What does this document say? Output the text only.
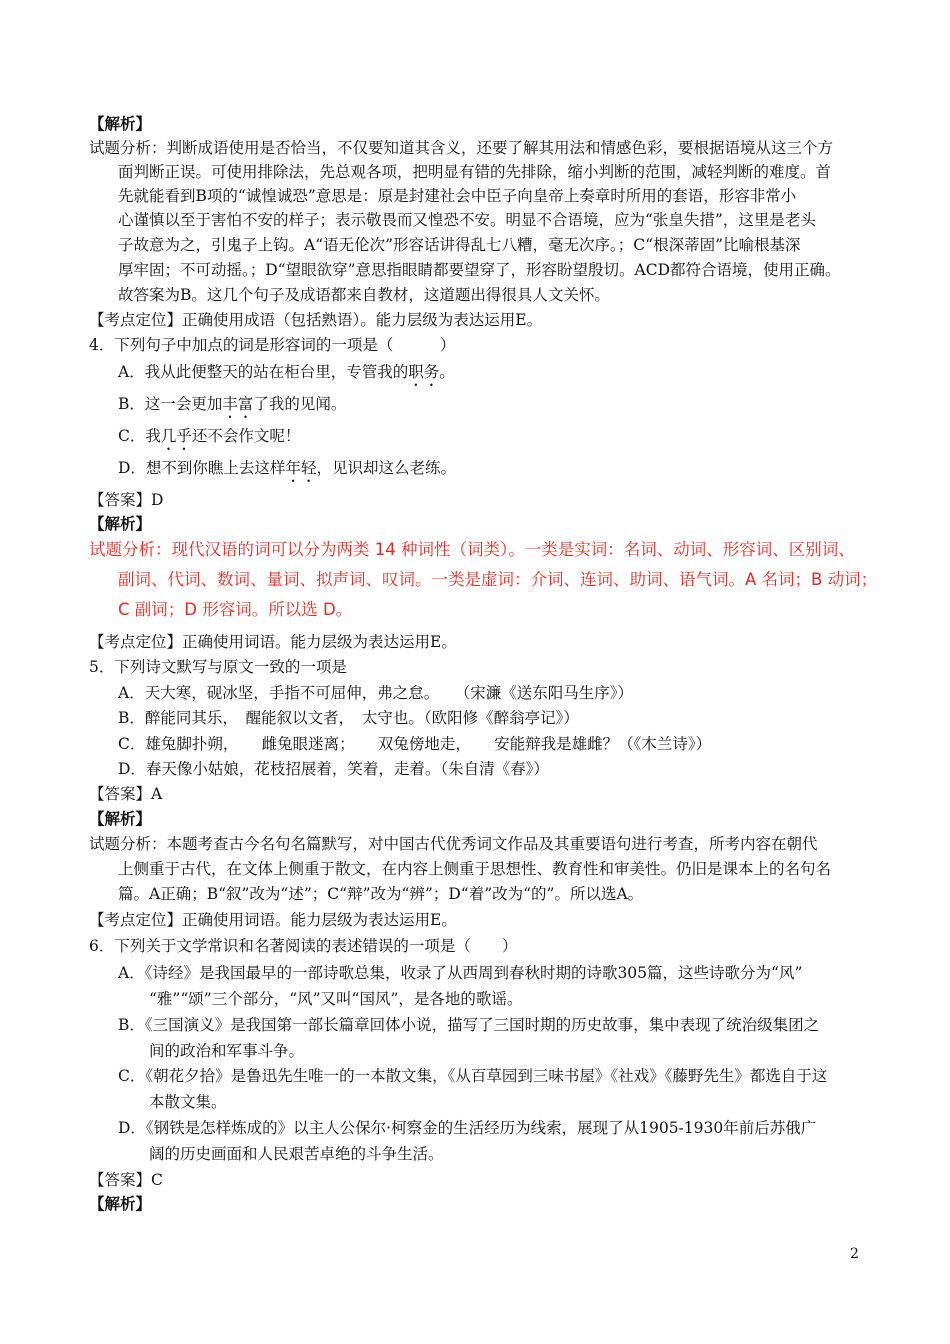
【解析】
试题分析：判断成语使用是否恰当，不仅要知道其含义，还要了解其用法和情感色彩，要根据语境从这三个方
面判断正误。可使用排除法，先总观各项，把明显有错的先排除，缩小判断的范围，减轻判断的难度。首
先就能看到B项的“诚惶诚恐”意思是：原是封建社会中臣子向皇帝上奏章时所用的套语，形容非常小
心谨慎以至于害怕不安的样子；表示敬畏而又惶恐不安。明显不合语境，应为“张皇失措”，这里是老头
子故意为之，引鬼子上钩。A“语无伦次”形容话讲得乱七八糟，毫无次序。；C“根深蒂固”比喻根基深
厚牢固；不可动摇。；D“望眼欲穿”意思指眼睛都要望穿了，形容盼望殷切。ACD都符合语境，使用正确。
故答案为B。这几个句子及成语都来自教材，这道题出得很具人文关怀。
【考点定位】正确使用成语（包括熟语）。能力层级为表达运用E。
4．下列句子中加点的词是形容词的一项是（　　　）
A．我从此便整天的站在柜台里，专管我的职务。
B．这一会更加丰富了我的见闻。
C．我几乎还不会作文呢！
D．想不到你瞧上去这样年轻，见识却这么老练。
【答案】D
【解析】
试题分析：现代汉语的词可以分为两类 14 种词性（词类）。一类是实词：名词、动词、形容词、区别词、
副词、代词、数词、量词、拟声词、叹词。一类是虚词：介词、连词、助词、语气词。A 名词；B 动词；
C 副词；D 形容词。所以选 D。
【考点定位】正确使用词语。能力层级为表达运用E。
5．下列诗文默写与原文一致的一项是
A．天大寒，砚冰坚，手指不可屈伸，弗之怠。　　（宋濂《送东阳马生序》）
B．醉能同其乐，　醒能叙以文者，　太守也。（欧阳修《醉翁亭记》）
C．雄兔脚扑朔，　　雌兔眼迷离；　　双兔傍地走，　　安能辩我是雄雌？（《木兰诗》）
D．春天像小姑娘，花枝招展着，笑着，走着。（朱自清《春》）
【答案】A
【解析】
试题分析：本题考查古今名句名篇默写，对中国古代优秀词文作品及其重要语句进行考查，所考内容在朝代
上侧重于古代，在文体上侧重于散文，在内容上侧重于思想性、教育性和审美性。仍旧是课本上的名句名
篇。A正确；B“叙”改为“述”；C“辩”改为“辨”；D“着”改为“的”。所以选A。
【考点定位】正确使用词语。能力层级为表达运用E。
6．下列关于文学常识和名著阅读的表述错误的一项是（　　）
A．《诗经》是我国最早的一部诗歌总集，收录了从西周到春秋时期的诗歌305篇，这些诗歌分为“风”
“雅”“颂”三个部分，“风”又叫“国风”，是各地的歌谣。
B．《三国演义》是我国第一部长篇章回体小说，描写了三国时期的历史故事，集中表现了统治级集团之
间的政治和军事斗争。
C．《朝花夕拾》是鲁迅先生唯一的一本散文集，《从百草园到三味书屋》《社戏》《藤野先生》都选自于这
本散文集。
D．《钢铁是怎样炼成的》以主人公保尔·柯察金的生活经历为线索，展现了从1905-1930年前后苏俄广
阔的历史画面和人民艰苦卓绝的斗争生活。
【答案】C
【解析】
2
